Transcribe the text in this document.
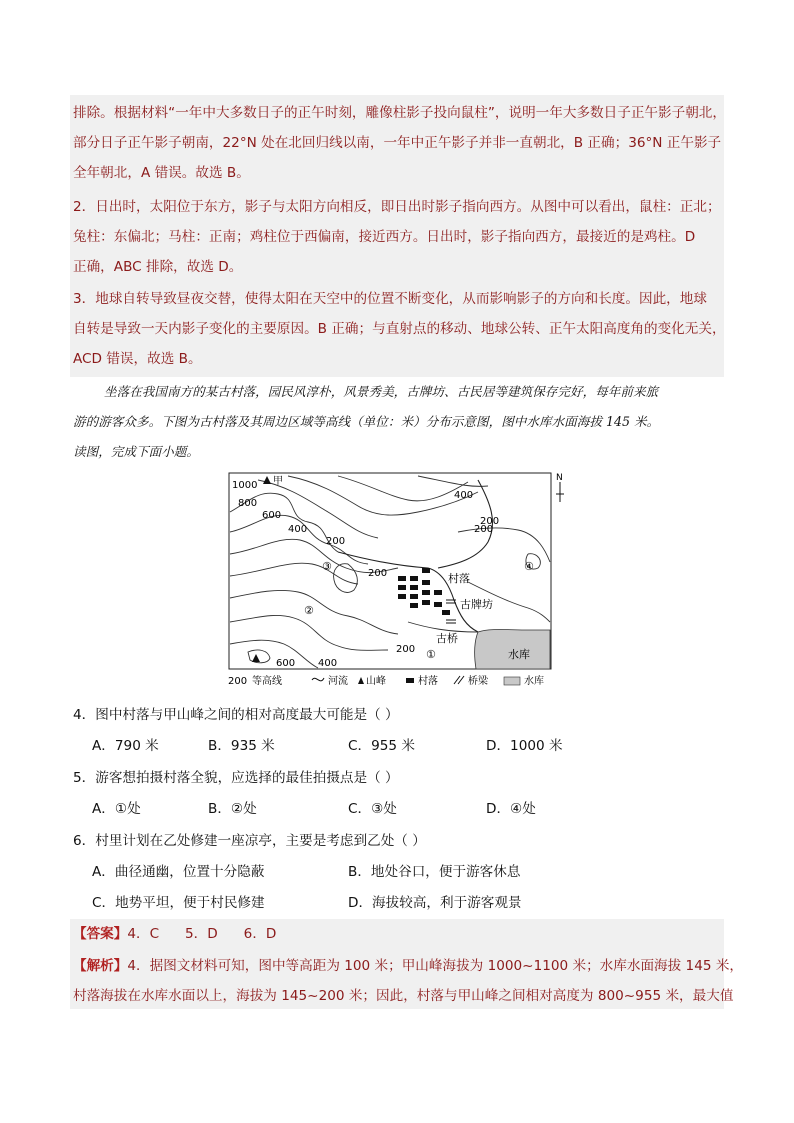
排除。根据材料“一年中大多数日子的正午时刻，雕像柱影子投向鼠柱”，说明一年大多数日子正午影子朝北，
部分日子正午影子朝南，22°N 处在北回归线以南，一年中正午影子并非一直朝北，B 正确；36°N 正午影子
全年朝北，A 错误。故选 B。
2．日出时，太阳位于东方，影子与太阳方向相反，即日出时影子指向西方。从图中可以看出，鼠柱：正北；
兔柱：东偏北；马柱：正南；鸡柱位于西偏南，接近西方。日出时，影子指向西方，最接近的是鸡柱。D
正确，ABC 排除，故选 D。
3．地球自转导致昼夜交替，使得太阳在天空中的位置不断变化，从而影响影子的方向和长度。因此，地球
自转是导致一天内影子变化的主要原因。B 正确；与直射点的移动、地球公转、正午太阳高度角的变化无关，
ACD 错误，故选 B。
坐落在我国南方的某古村落，园民风淳朴，风景秀美，古牌坊、古民居等建筑保存完好，每年前来旅
游的游客众多。下图为古村落及其周边区域等高线（单位：米）分布示意图，图中水库水面海拔 145 米。
读图，完成下面小题。
N
1000 甲
800
600
400
200
400
200
200
200
600 400
200
村落
古牌坊
古桥
水库
①
②
③	④
200 等高线	河流 山峰	村落	桥梁	水库
4．图中村落与甲山峰之间的相对高度最大可能是（ ）
A．790 米	B．935 米	C．955 米	D．1000 米
5．游客想拍摄村落全貌，应选择的最佳拍摄点是（ ）
A．①处	B．②处	C．③处	D．④处
6．村里计划在乙处修建一座凉亭，主要是考虑到乙处（ ）
A．曲径通幽，位置十分隐蔽	B．地处谷口，便于游客休息
C．地势平坦，便于村民修建	D．海拔较高，利于游客观景
【答案】4．C      5．D      6．D
【解析】4．据图文材料可知，图中等高距为 100 米；甲山峰海拔为 1000~1100 米；水库水面海拔 145 米，
村落海拔在水库水面以上，海拔为 145~200 米；因此，村落与甲山峰之间相对高度为 800~955 米，最大值
